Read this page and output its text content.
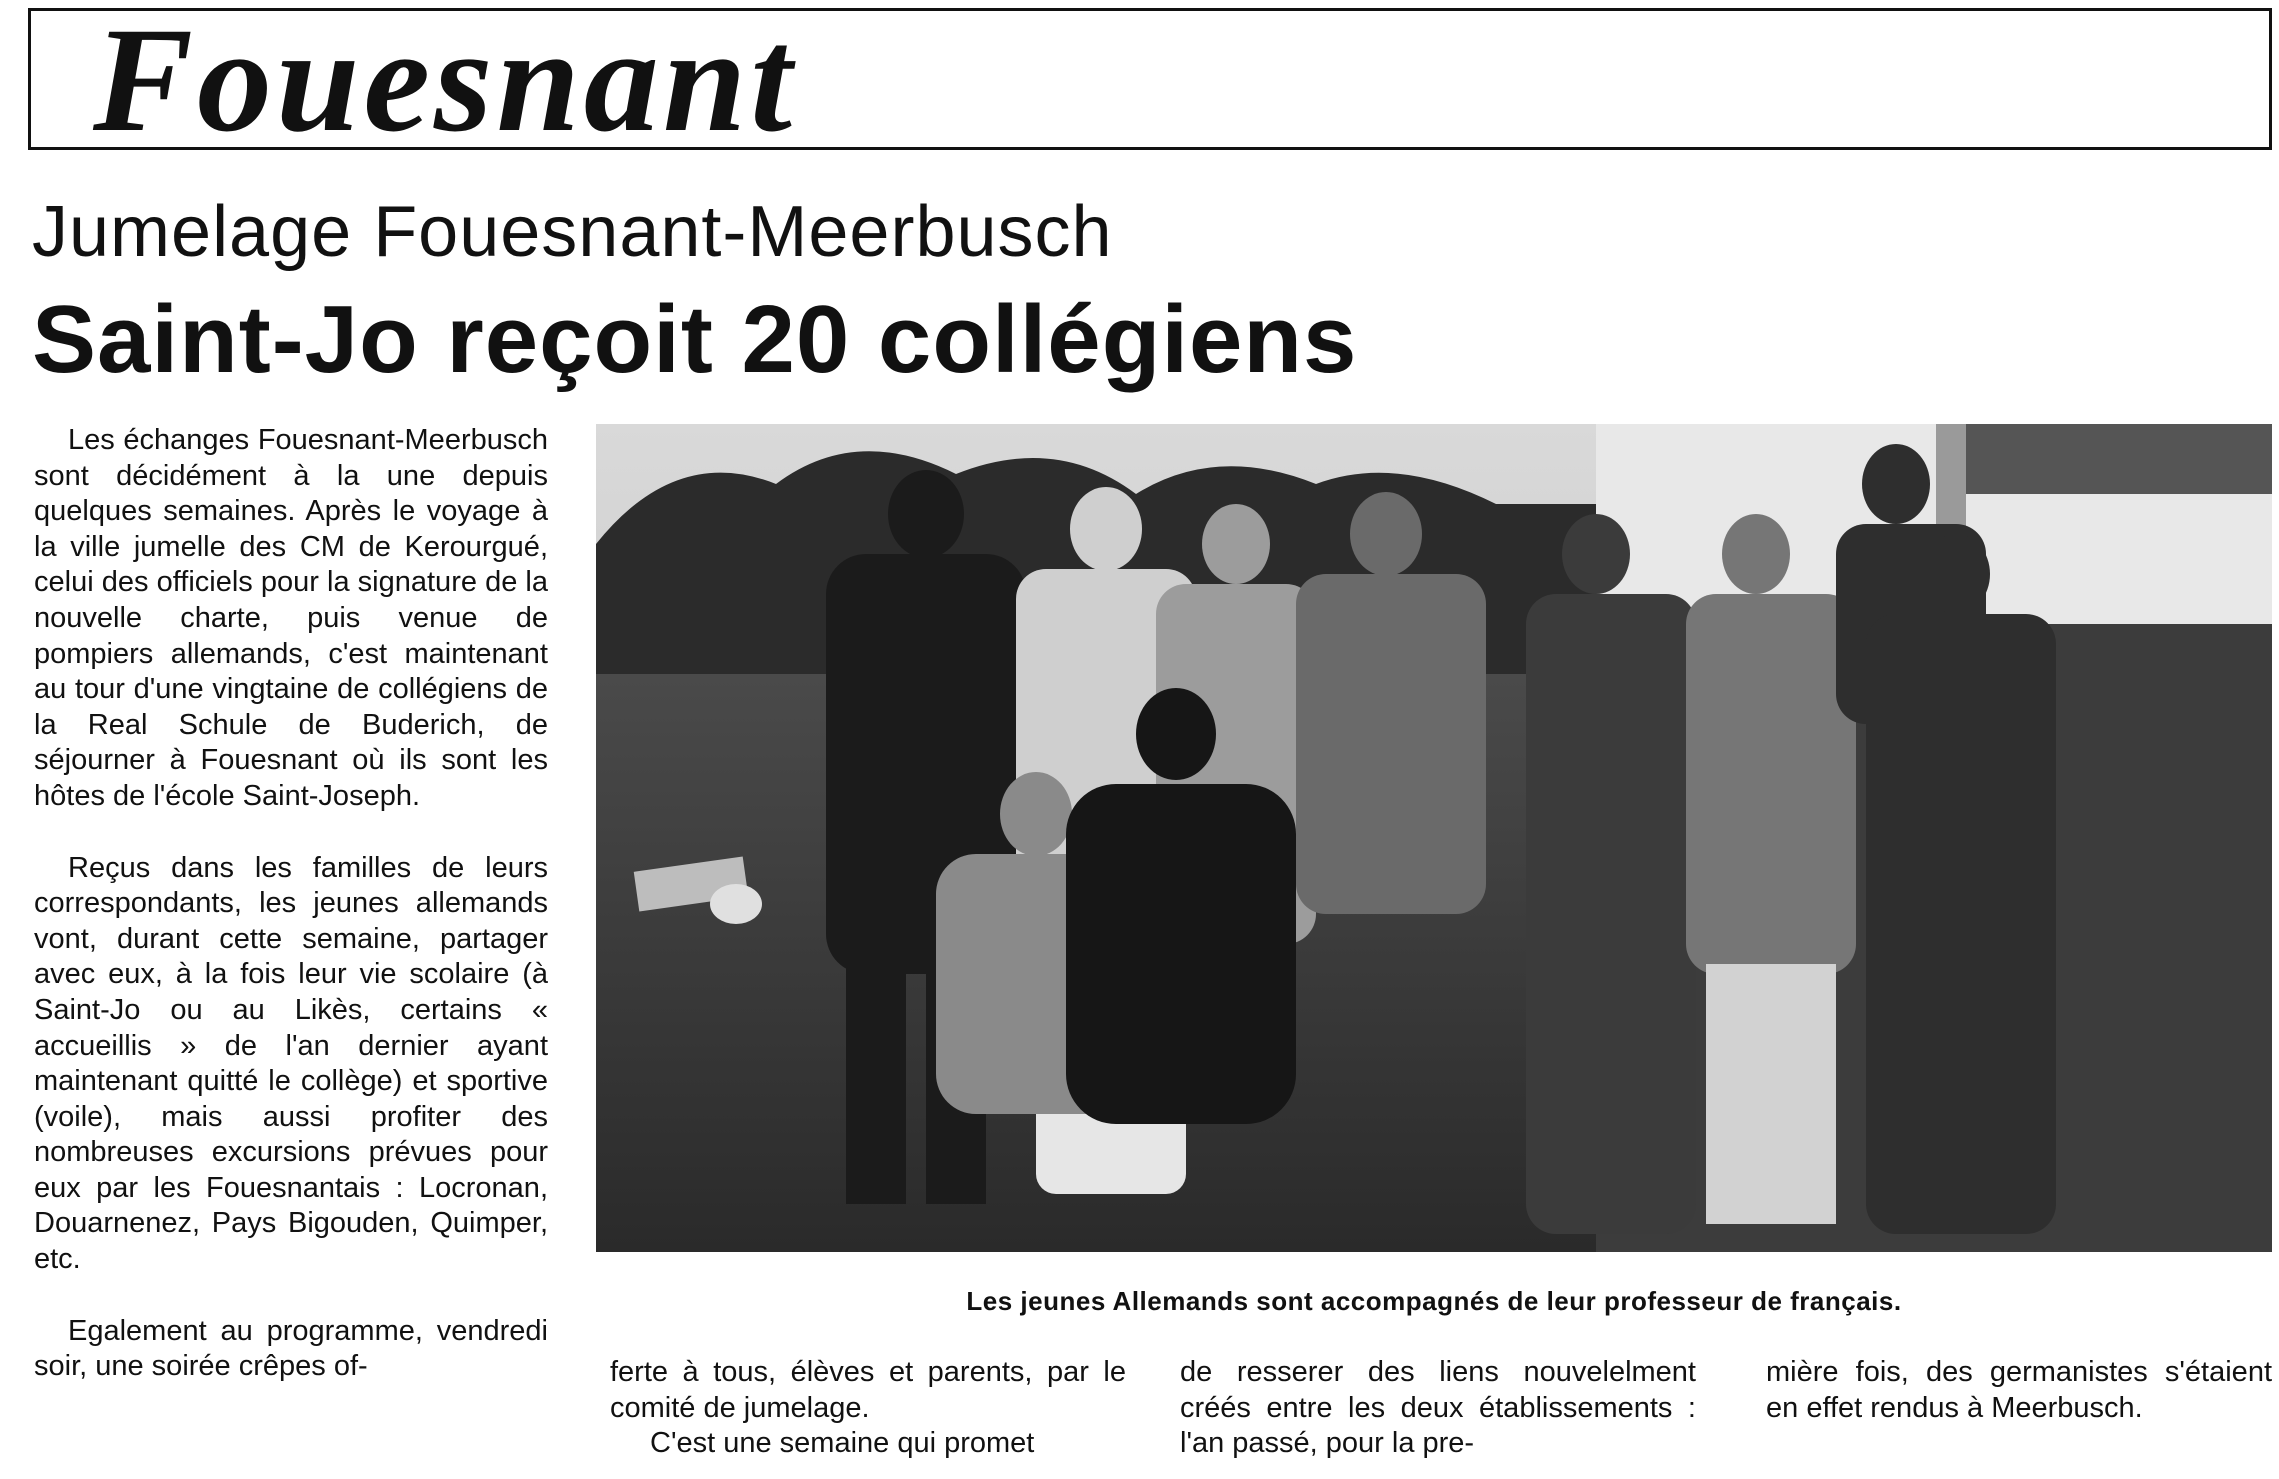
Fouesnant
Jumelage Fouesnant-Meerbusch
Saint-Jo reçoit 20 collégiens

Les échanges Fouesnant-Meerbusch sont décidément à la une depuis quelques semaines. Après le voyage à la ville jumelle des CM de Kerourgué, celui des officiels pour la signature de la nouvelle charte, puis venue de pompiers allemands, c'est maintenant au tour d'une vingtaine de collégiens de la Real Schule de Buderich, de séjourner à Fouesnant où ils sont les hôtes de l'école Saint-Joseph.

Reçus dans les familles de leurs correspondants, les jeunes allemands vont, durant cette semaine, partager avec eux, à la fois leur vie scolaire (à Saint-Jo ou au Likès, certains « accueillis » de l'an dernier ayant maintenant quitté le collège) et sportive (voile), mais aussi profiter des nombreuses excursions prévues pour eux par les Fouesnantais : Locronan, Douarnenez, Pays Bigouden, Quimper, etc.

Egalement au programme, vendredi soir, une soirée crêpes of-

Les jeunes Allemands sont accompagnés de leur professeur de français.

ferte à tous, élèves et parents, par le comité de jumelage.

C'est une semaine qui promet

de resserer des liens nouvelelment créés entre les deux établissements : l'an passé, pour la pre-

mière fois, des germanistes s'étaient en effet rendus à Meerbusch.
